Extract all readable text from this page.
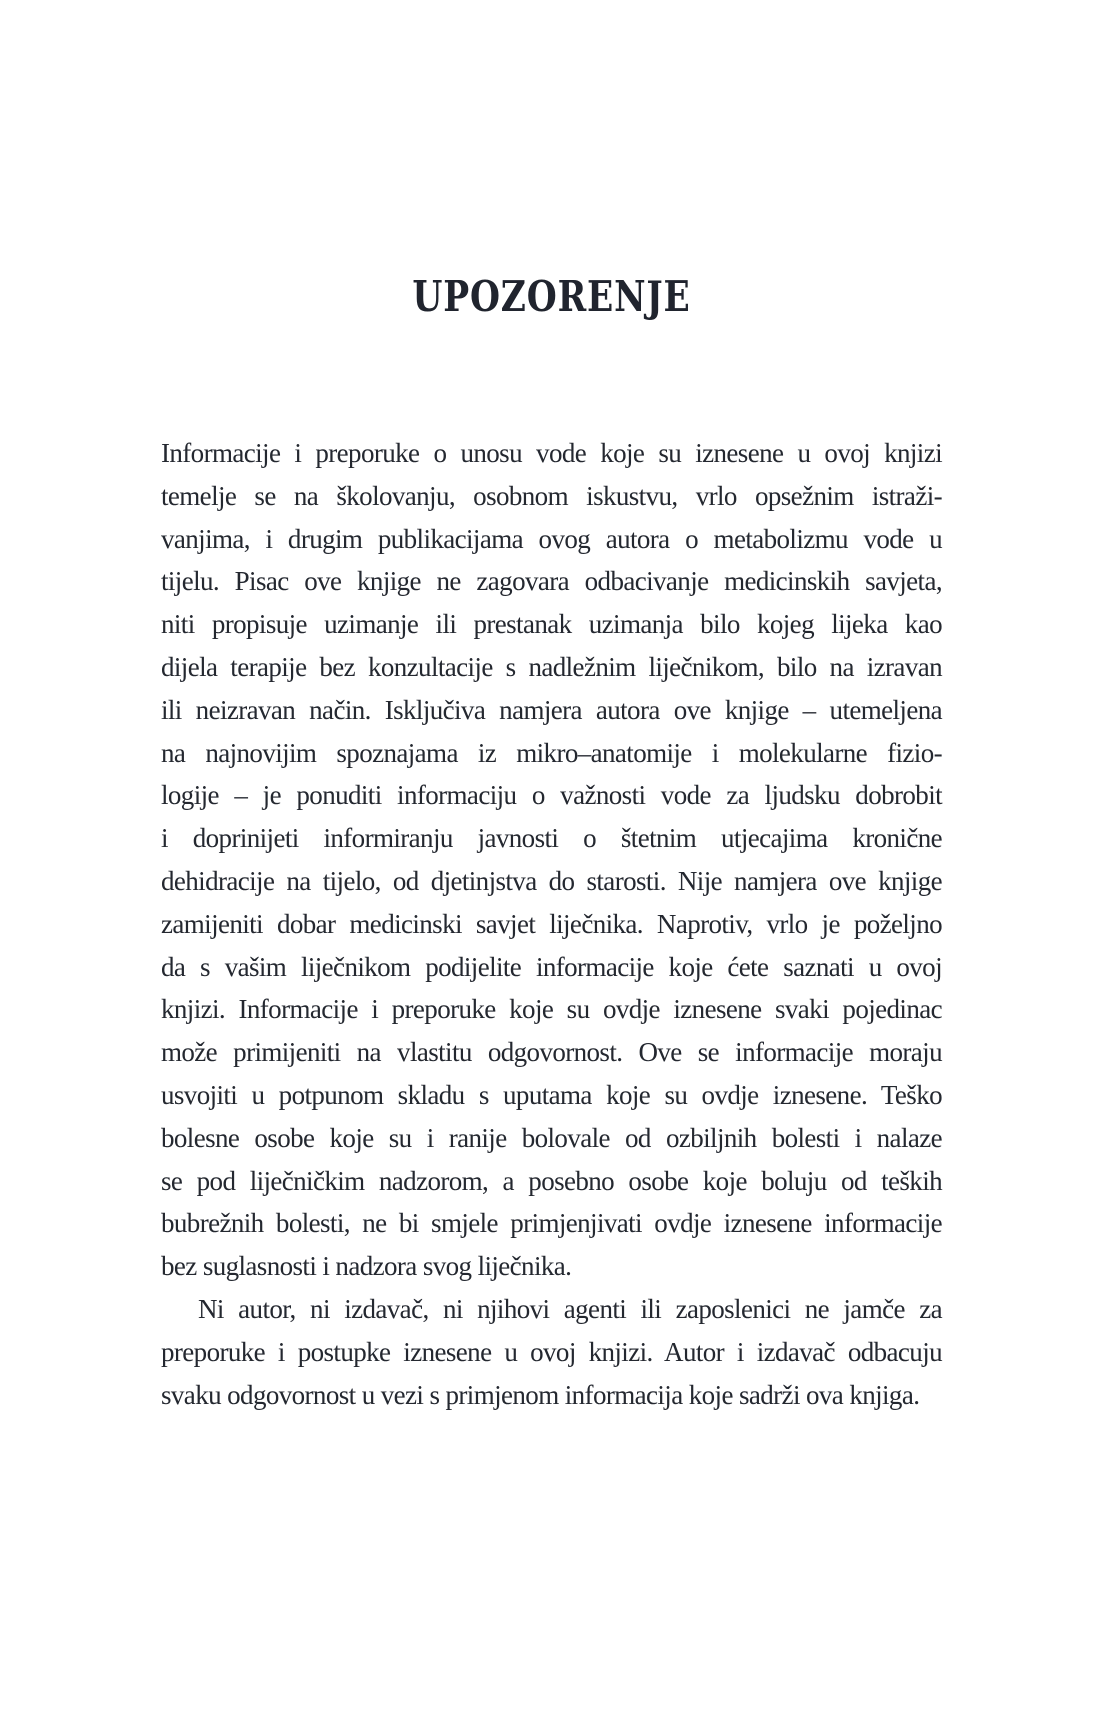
UPOZORENJE
Informacije i preporuke o unosu vode koje su iznesene u ovoj knjizi
temelje se na školovanju, osobnom iskustvu, vrlo opsežnim istraži-
vanjima, i drugim publikacijama ovog autora o metabolizmu vode u
tijelu. Pisac ove knjige ne zagovara odbacivanje medicinskih savjeta,
niti propisuje uzimanje ili prestanak uzimanja bilo kojeg lijeka kao
dijela terapije bez konzultacije s nadležnim liječnikom, bilo na izravan
ili neizravan način. Isključiva namjera autora ove knjige – utemeljena
na najnovijim spoznajama iz mikro–anatomije i molekularne fizio-
logije – je ponuditi informaciju o važnosti vode za ljudsku dobrobit
i doprinijeti informiranju javnosti o štetnim utjecajima kronične
dehidracije na tijelo, od djetinjstva do starosti. Nije namjera ove knjige
zamijeniti dobar medicinski savjet liječnika. Naprotiv, vrlo je poželjno
da s vašim liječnikom podijelite informacije koje ćete saznati u ovoj
knjizi. Informacije i preporuke koje su ovdje iznesene svaki pojedinac
može primijeniti na vlastitu odgovornost. Ove se informacije moraju
usvojiti u potpunom skladu s uputama koje su ovdje iznesene. Teško
bolesne osobe koje su i ranije bolovale od ozbiljnih bolesti i nalaze
se pod liječničkim nadzorom, a posebno osobe koje boluju od teških
bubrežnih bolesti, ne bi smjele primjenjivati ovdje iznesene informacije
bez suglasnosti i nadzora svog liječnika.
Ni autor, ni izdavač, ni njihovi agenti ili zaposlenici ne jamče za
preporuke i postupke iznesene u ovoj knjizi. Autor i izdavač odbacuju
svaku odgovornost u vezi s primjenom informacija koje sadrži ova knjiga.
